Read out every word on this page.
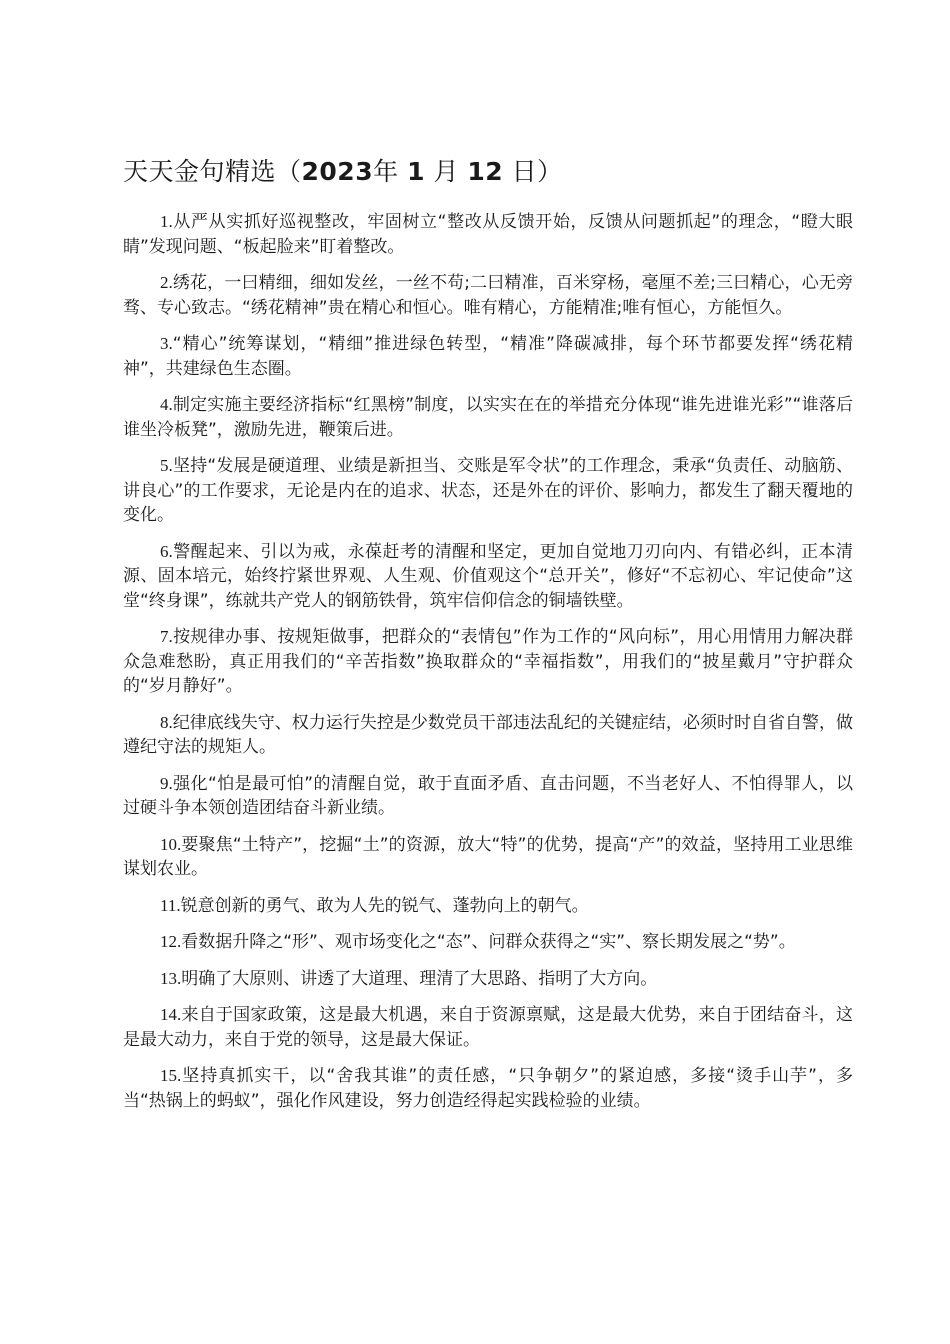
天天金句精选（2023年 1 月 12 日）

1.从严从实抓好巡视整改，牢固树立“整改从反馈开始，反馈从问题抓起”的理念，“瞪大眼睛”发现问题、“板起脸来”盯着整改。

2.绣花，一曰精细，细如发丝，一丝不苟;二曰精准，百米穿杨，毫厘不差;三曰精心，心无旁骛、专心致志。“绣花精神”贵在精心和恒心。唯有精心，方能精准;唯有恒心，方能恒久。

3.“精心”统筹谋划，“精细”推进绿色转型，“精准”降碳减排，每个环节都要发挥“绣花精神”，共建绿色生态圈。

4.制定实施主要经济指标“红黑榜”制度，以实实在在的举措充分体现“谁先进谁光彩”“谁落后谁坐冷板凳”，激励先进，鞭策后进。

5.坚持“发展是硬道理、业绩是新担当、交账是军令状”的工作理念，秉承“负责任、动脑筋、讲良心”的工作要求，无论是内在的追求、状态，还是外在的评价、影响力，都发生了翻天覆地的变化。

6.警醒起来、引以为戒，永葆赶考的清醒和坚定，更加自觉地刀刃向内、有错必纠，正本清源、固本培元，始终拧紧世界观、人生观、价值观这个“总开关”，修好“不忘初心、牢记使命”这堂“终身课”，练就共产党人的钢筋铁骨，筑牢信仰信念的铜墙铁壁。

7.按规律办事、按规矩做事，把群众的“表情包”作为工作的“风向标”，用心用情用力解决群众急难愁盼，真正用我们的“辛苦指数”换取群众的“幸福指数”，用我们的“披星戴月”守护群众的“岁月静好”。

8.纪律底线失守、权力运行失控是少数党员干部违法乱纪的关键症结，必须时时自省自警，做遵纪守法的规矩人。

9.强化“怕是最可怕”的清醒自觉，敢于直面矛盾、直击问题，不当老好人、不怕得罪人，以过硬斗争本领创造团结奋斗新业绩。

10.要聚焦“土特产”，挖掘“土”的资源，放大“特”的优势，提高“产”的效益，坚持用工业思维谋划农业。

11.锐意创新的勇气、敢为人先的锐气、蓬勃向上的朝气。

12.看数据升降之“形”、观市场变化之“态”、问群众获得之“实”、察长期发展之“势”。

13.明确了大原则、讲透了大道理、理清了大思路、指明了大方向。

14.来自于国家政策，这是最大机遇，来自于资源禀赋，这是最大优势，来自于团结奋斗，这是最大动力，来自于党的领导，这是最大保证。

15.坚持真抓实干，以“舍我其谁”的责任感，“只争朝夕”的紧迫感，多接“烫手山芋”，多当“热锅上的蚂蚁”，强化作风建设，努力创造经得起实践检验的业绩。
